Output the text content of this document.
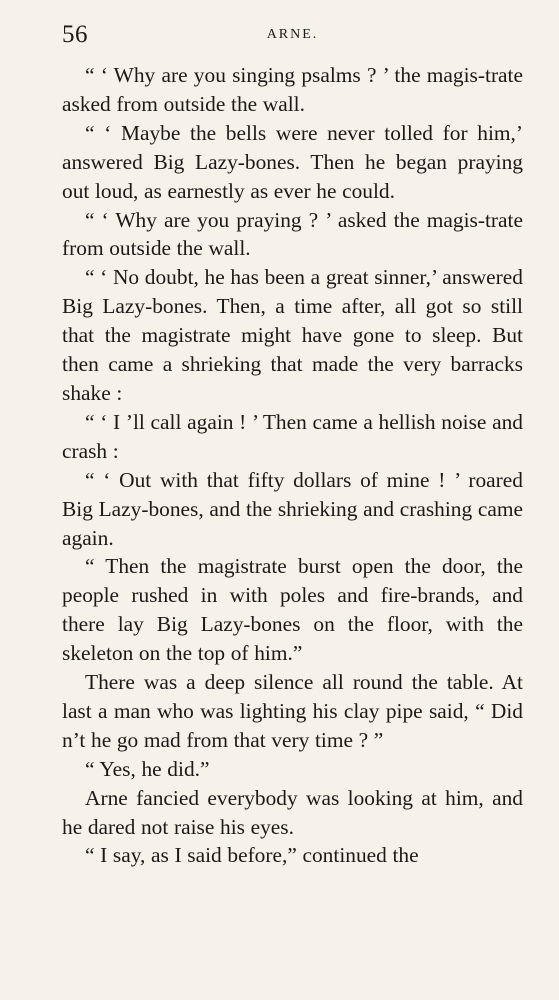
56	ARNE.

“ ‘ Why are you singing psalms ? ’ the magis-trate asked from outside the wall.

“ ‘ Maybe the bells were never tolled for him,’ answered Big Lazy-bones. Then he began praying out loud, as earnestly as ever he could.

“ ‘ Why are you praying ? ’ asked the magis-trate from outside the wall.

“ ‘ No doubt, he has been a great sinner,’ answered Big Lazy-bones. Then, a time after, all got so still that the magistrate might have gone to sleep. But then came a shrieking that made the very barracks shake :

“ ‘ I ’ll call again ! ’ Then came a hellish noise and crash :

“ ‘ Out with that fifty dollars of mine ! ’ roared Big Lazy-bones, and the shrieking and crashing came again.

“ Then the magistrate burst open the door, the people rushed in with poles and fire-brands, and there lay Big Lazy-bones on the floor, with the skeleton on the top of him.”

There was a deep silence all round the table. At last a man who was lighting his clay pipe said, “ Did n’t he go mad from that very time ? ”

“ Yes, he did.”

Arne fancied everybody was looking at him, and he dared not raise his eyes.

“ I say, as I said before,” continued the
